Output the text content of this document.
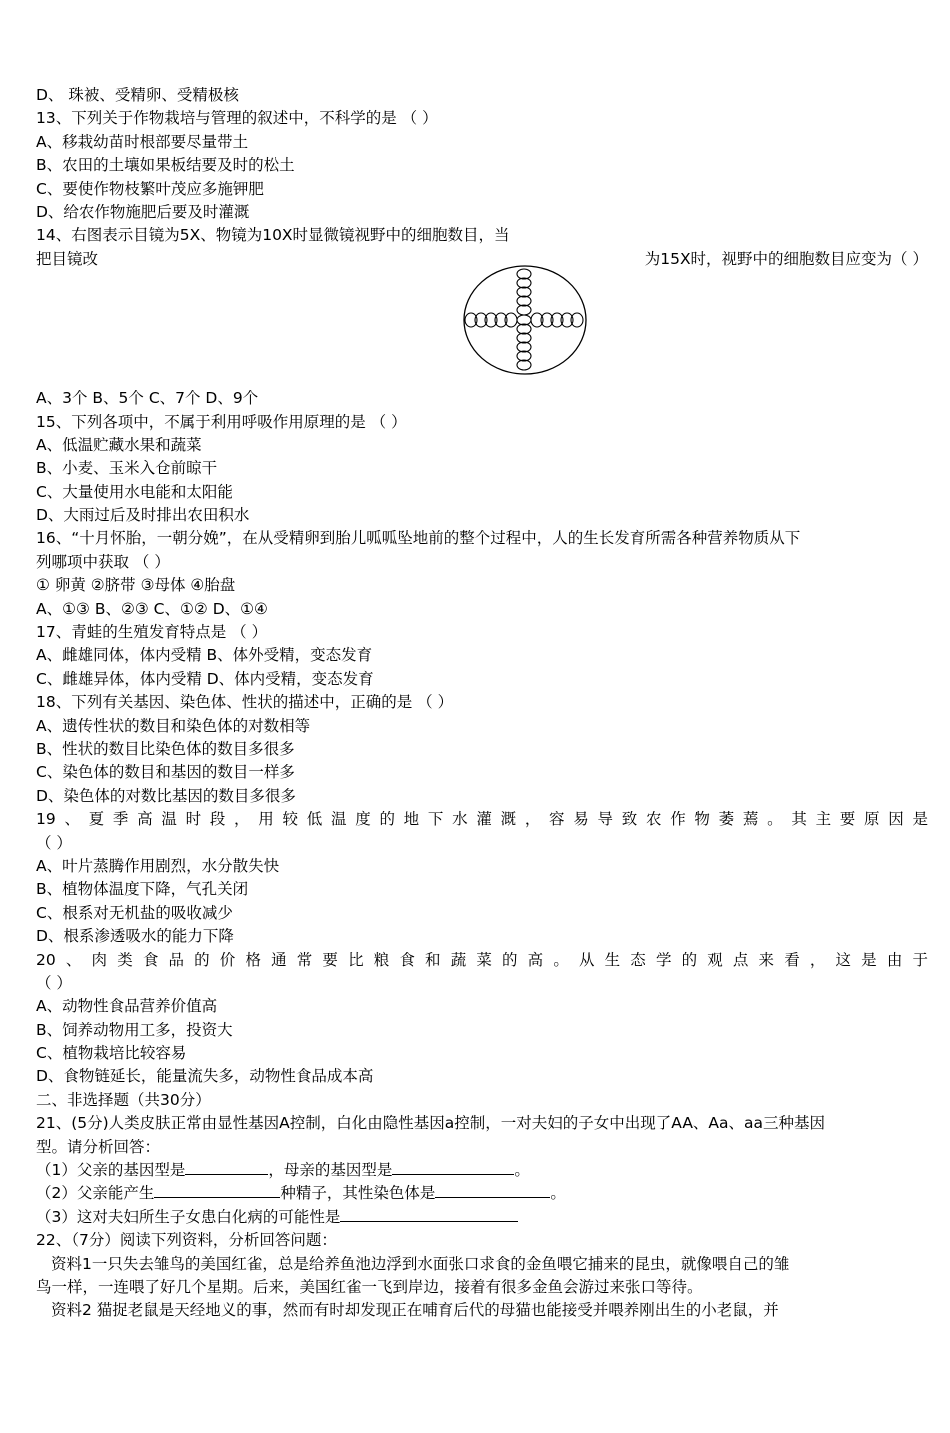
D、 珠被、受精卵、受精极核
13、下列关于作物栽培与管理的叙述中，不科学的是 （ ）
A、移栽幼苗时根部要尽量带土
B、农田的土壤如果板结要及时的松土
C、要使作物枝繁叶茂应多施钾肥
D、给农作物施肥后要及时灌溉
14、右图表示目镜为5X、物镜为10X时显微镜视野中的细胞数目，当
把目镜改	为15X时，视野中的细胞数目应变为（ ）
A、3个 B、5个 C、7个 D、9个
15、下列各项中，不属于利用呼吸作用原理的是 （ ）
A、低温贮藏水果和蔬菜
B、小麦、玉米入仓前晾干
C、大量使用水电能和太阳能
D、大雨过后及时排出农田积水
16、“十月怀胎，一朝分娩”，在从受精卵到胎儿呱呱坠地前的整个过程中，人的生长发育所需各种营养物质从下
列哪项中获取 （ ）
① 卵黄 ②脐带 ③母体 ④胎盘
A、①③ B、②③ C、①② D、①④
17、青蛙的生殖发育特点是 （ ）
A、雌雄同体，体内受精 B、体外受精，变态发育
C、雌雄异体，体内受精 D、体内受精，变态发育
18、下列有关基因、染色体、性状的描述中，正确的是 （ ）
A、遗传性状的数目和染色体的对数相等
B、性状的数目比染色体的数目多很多
C、染色体的数目和基因的数目一样多
D、染色体的对数比基因的数目多很多
19、夏季高温时段，用较低温度的地下水灌溉，容易导致农作物萎蔫。其主要原因是
（ ）
A、叶片蒸腾作用剧烈，水分散失快
B、植物体温度下降，气孔关闭
C、根系对无机盐的吸收减少
D、根系渗透吸水的能力下降
20、肉类食品的价格通常要比粮食和蔬菜的高。从生态学的观点来看，这是由于
（ ）
A、动物性食品营养价值高
B、饲养动物用工多，投资大
C、植物栽培比较容易
D、食物链延长，能量流失多，动物性食品成本高
二、非选择题（共30分）
21、(5分)人类皮肤正常由显性基因A控制，白化由隐性基因a控制，一对夫妇的子女中出现了AA、Aa、aa三种基因
型。请分析回答：
（1）父亲的基因型是	，母亲的基因型是	。
（2）父亲能产生	种精子，其性染色体是	。
（3）这对夫妇所生子女患白化病的可能性是
22、（7分）阅读下列资料，分析回答问题：
资料1一只失去雏鸟的美国红雀，总是给养鱼池边浮到水面张口求食的金鱼喂它捕来的昆虫，就像喂自己的雏
鸟一样，一连喂了好几个星期。后来，美国红雀一飞到岸边，接着有很多金鱼会游过来张口等待。
资料2 猫捉老鼠是天经地义的事，然而有时却发现正在哺育后代的母猫也能接受并喂养刚出生的小老鼠，并
